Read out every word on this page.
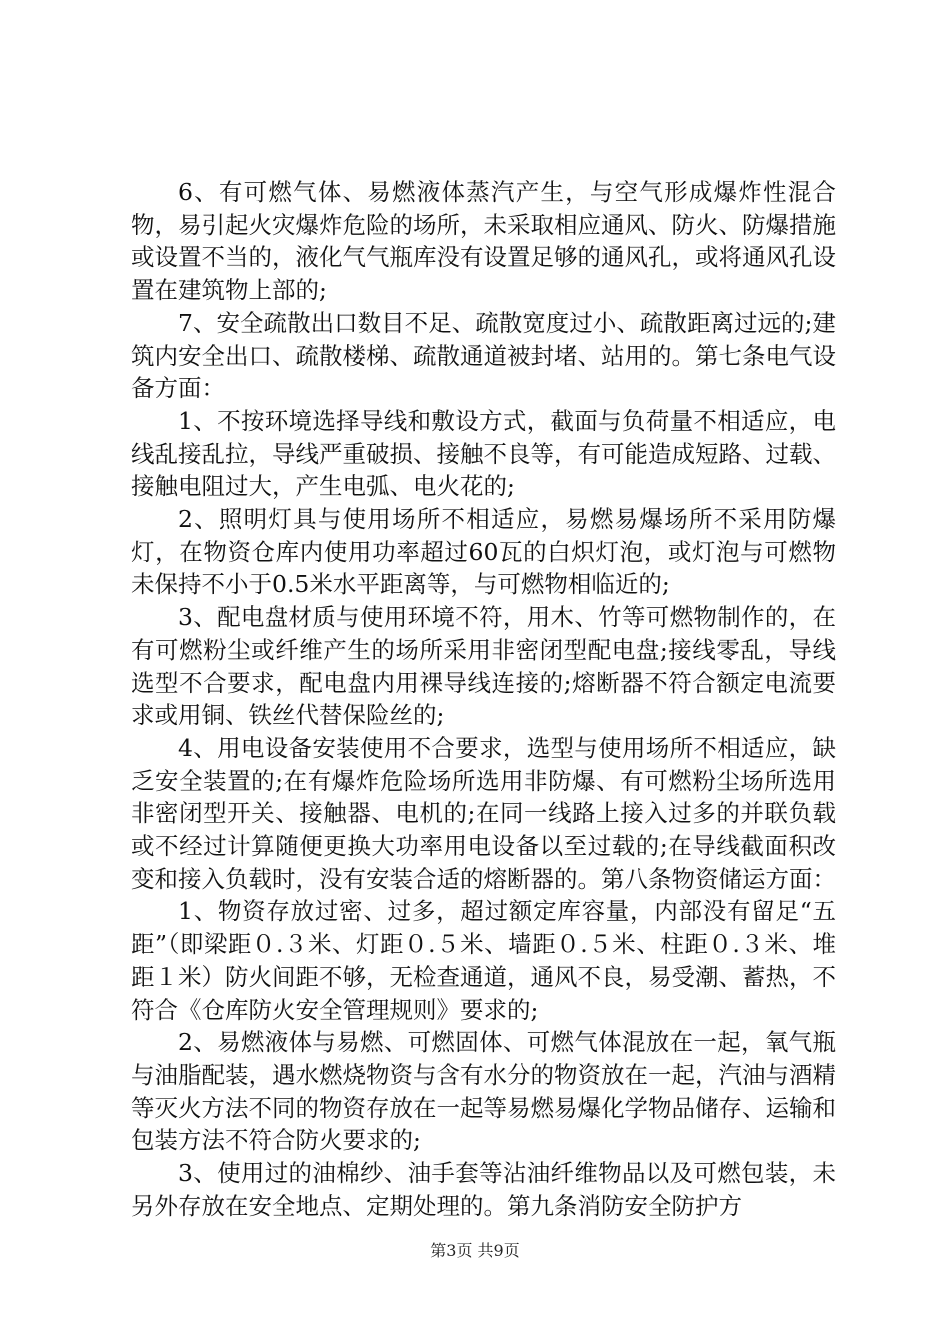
6、有可燃气体、易燃液体蒸汽产生，与空气形成爆炸性混合物，易引起火灾爆炸危险的场所，未采取相应通风、防火、防爆措施或设置不当的，液化气气瓶库没有设置足够的通风孔，或将通风孔设置在建筑物上部的;

7、安全疏散出口数目不足、疏散宽度过小、疏散距离过远的;建筑内安全出口、疏散楼梯、疏散通道被封堵、站用的。第七条电气设备方面：

1、不按环境选择导线和敷设方式，截面与负荷量不相适应，电线乱接乱拉，导线严重破损、接触不良等，有可能造成短路、过载、接触电阻过大，产生电弧、电火花的;

2、照明灯具与使用场所不相适应，易燃易爆场所不采用防爆灯，在物资仓库内使用功率超过60瓦的白炽灯泡，或灯泡与可燃物未保持不小于0.5米水平距离等，与可燃物相临近的;

3、配电盘材质与使用环境不符，用木、竹等可燃物制作的，在有可燃粉尘或纤维产生的场所采用非密闭型配电盘;接线零乱，导线选型不合要求，配电盘内用裸导线连接的;熔断器不符合额定电流要求或用铜、铁丝代替保险丝的;

4、用电设备安装使用不合要求，选型与使用场所不相适应，缺乏安全装置的;在有爆炸危险场所选用非防爆、有可燃粉尘场所选用非密闭型开关、接触器、电机的;在同一线路上接入过多的并联负载或不经过计算随便更换大功率用电设备以至过载的;在导线截面积改变和接入负载时，没有安装合适的熔断器的。第八条物资储运方面：

1、物资存放过密、过多，超过额定库容量，内部没有留足“五距”（即梁距０.３米、灯距０.５米、墙距０.５米、柱距０.３米、堆距１米）防火间距不够，无检查通道，通风不良，易受潮、蓄热，不符合《仓库防火安全管理规则》要求的;

2、易燃液体与易燃、可燃固体、可燃气体混放在一起，氧气瓶与油脂配装，遇水燃烧物资与含有水分的物资放在一起，汽油与酒精等灭火方法不同的物资存放在一起等易燃易爆化学物品储存、运输和包装方法不符合防火要求的;

3、使用过的油棉纱、油手套等沾油纤维物品以及可燃包装，未另外存放在安全地点、定期处理的。第九条消防安全防护方

第3页 共9页
